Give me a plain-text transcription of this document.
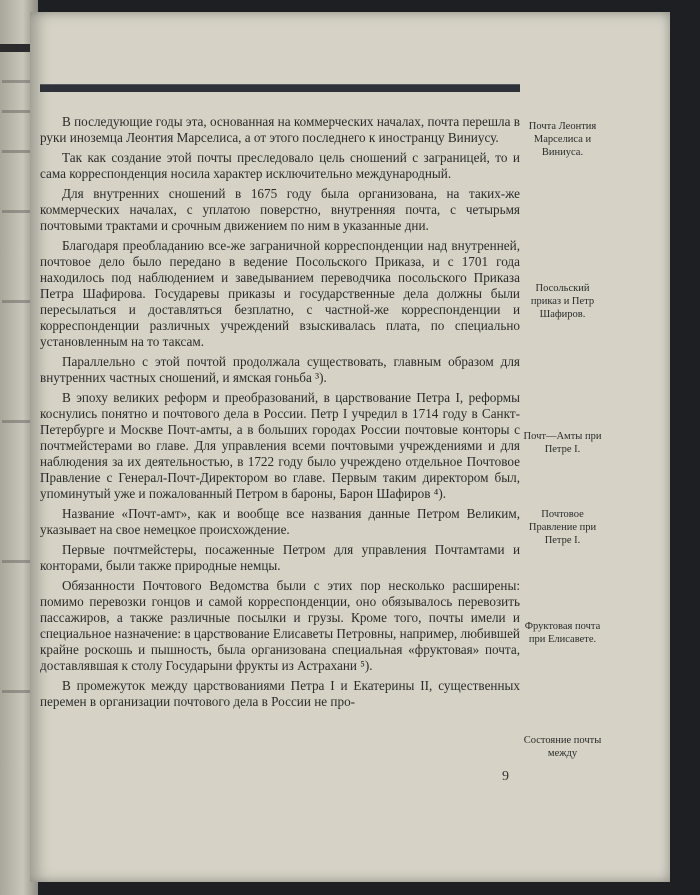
В последующие годы эта, основанная на коммерческих началах, почта перешла в руки иноземца Леонтия Марселиса, а от этого последнего к иностранцу Виниусу.

Так как создание этой почты преследовало цель сношений с заграницей, то и сама корреспонденция носила характер исключительно международный.

Для внутренних сношений в 1675 году была организована, на таких-же коммерческих началах, с уплатою поверстно, внутренняя почта, с четырьмя почтовыми трактами и срочным движением по ним в указанные дни.

Благодаря преобладанию все-же заграничной корреспонденции над внутренней, почтовое дело было передано в ведение Посольского Приказа, и с 1701 года находилось под наблюдением и заведыванием переводчика посольского Приказа Петра Шафирова. Государевы приказы и государственные дела должны были пересылаться и доставляться безплатно, с частной-же корреспонденции и корреспонденции различных учреждений взыскивалась плата, по специально установленным на то таксам.

Параллельно с этой почтой продолжала существовать, главным образом для внутренних частных сношений, и ямская гоньба ³).

В эпоху великих реформ и преобразований, в царствование Петра I, реформы коснулись понятно и почтового дела в России. Петр I учредил в 1714 году в Санкт-Петербурге и Москве Почт-амты, а в больших городах России почтовые конторы с почтмейстерами во главе. Для управления всеми почтовыми учреждениями и для наблюдения за их деятельностью, в 1722 году было учреждено отдельное Почтовое Правление с Генерал-Почт-Директором во главе. Первым таким директором был, упоминутый уже и пожалованный Петром в бароны, Барон Шафиров ⁴).

Название «Почт-амт», как и вообще все названия данные Петром Великим, указывает на свое немецкое происхождение.

Первые почтмейстеры, посаженные Петром для управления Почтамтами и конторами, были также природные немцы.

Обязанности Почтового Ведомства были с этих пор несколько расширены: помимо перевозки гонцов и самой корреспонденции, оно обязывалось перевозить пассажиров, а также различные посылки и грузы. Кроме того, почты имели и специальное назначение: в царствование Елисаветы Петровны, например, любившей крайне роскошь и пышность, была организована специальная «фруктовая» почта, доставлявшая к столу Государыни фрукты из Астрахани ⁵).

В промежуток между царствованиями Петра I и Екатерины II, существенных перемен в организации почтового дела в России не про-

Почта Леонтия Марселиса и Виниуса.
Посольский приказ и Петр Шафиров.
Почт—Амты при Петре I.
Почтовое Правление при Петре I.
Фруктовая почта при Елисавете.
Состояние почты между
9
